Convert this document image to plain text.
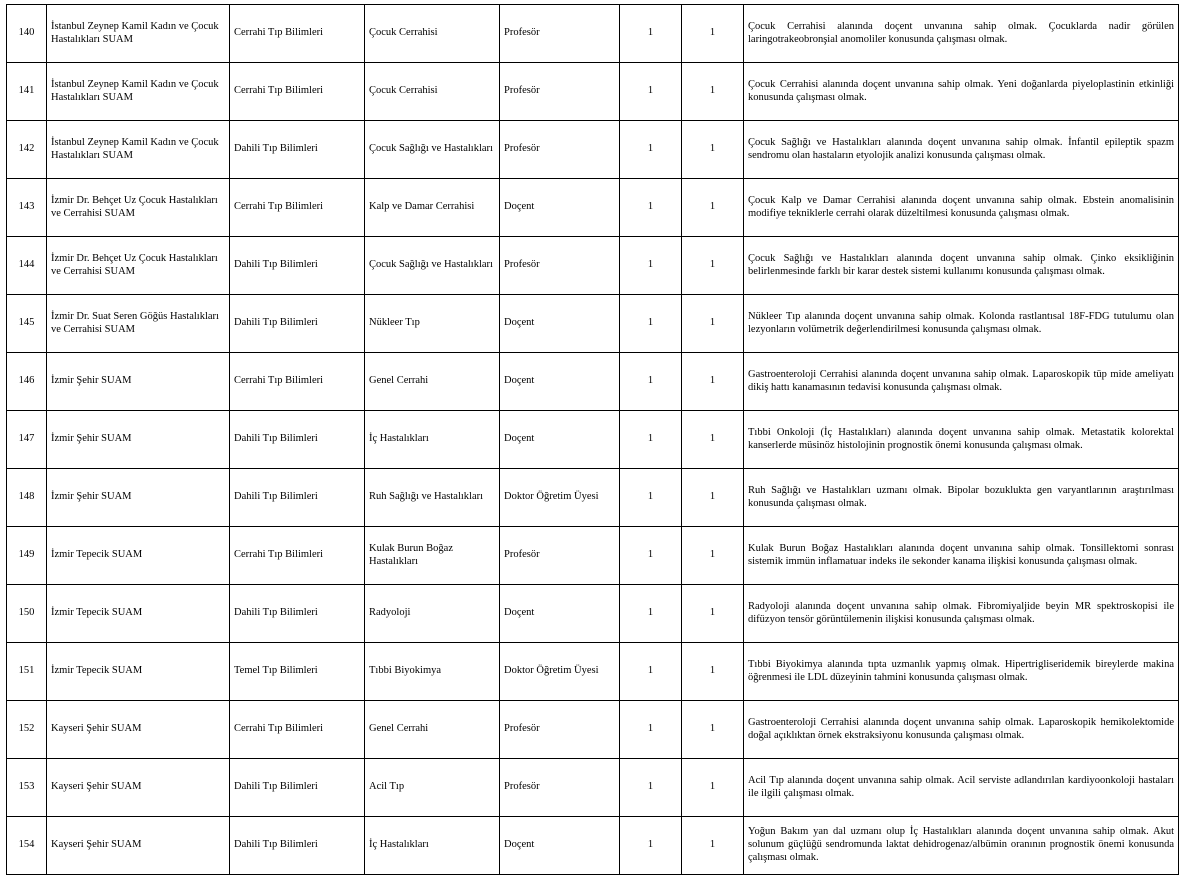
140	İstanbul Zeynep Kamil Kadın ve Çocuk Hastalıkları SUAM	Cerrahi Tıp Bilimleri	Çocuk Cerrahisi	Profesör	1	1	Çocuk Cerrahisi alanında doçent unvanına sahip olmak. Çocuklarda nadir görülen laringotrakeobronşial anomoliler konusunda çalışması olmak.
141	İstanbul Zeynep Kamil Kadın ve Çocuk Hastalıkları SUAM	Cerrahi Tıp Bilimleri	Çocuk Cerrahisi	Profesör	1	1	Çocuk Cerrahisi alanında doçent unvanına sahip olmak. Yeni doğanlarda piyeloplastinin etkinliği konusunda çalışması olmak.
142	İstanbul Zeynep Kamil Kadın ve Çocuk Hastalıkları SUAM	Dahili Tıp Bilimleri	Çocuk Sağlığı ve Hastalıkları	Profesör	1	1	Çocuk Sağlığı ve Hastalıkları alanında doçent unvanına sahip olmak. İnfantil epileptik spazm sendromu olan hastaların etyolojik analizi konusunda çalışması olmak.
143	İzmir Dr. Behçet Uz Çocuk Hastalıkları ve Cerrahisi SUAM	Cerrahi Tıp Bilimleri	Kalp ve Damar Cerrahisi	Doçent	1	1	Çocuk Kalp ve Damar Cerrahisi alanında doçent unvanına sahip olmak. Ebstein anomalisinin modifiye tekniklerle cerrahi olarak düzeltilmesi konusunda çalışması olmak.
144	İzmir Dr. Behçet Uz Çocuk Hastalıkları ve Cerrahisi SUAM	Dahili Tıp Bilimleri	Çocuk Sağlığı ve Hastalıkları	Profesör	1	1	Çocuk Sağlığı ve Hastalıkları alanında doçent unvanına sahip olmak. Çinko eksikliğinin belirlenmesinde farklı bir karar destek sistemi kullanımı konusunda çalışması olmak.
145	İzmir Dr. Suat Seren Göğüs Hastalıkları ve Cerrahisi SUAM	Dahili Tıp Bilimleri	Nükleer Tıp	Doçent	1	1	Nükleer Tıp alanında doçent unvanına sahip olmak. Kolonda rastlantısal 18F-FDG tutulumu olan lezyonların volümetrik değerlendirilmesi konusunda çalışması olmak.
146	İzmir Şehir SUAM	Cerrahi Tıp Bilimleri	Genel Cerrahi	Doçent	1	1	Gastroenteroloji Cerrahisi alanında doçent unvanına sahip olmak. Laparoskopik tüp mide ameliyatı dikiş hattı kanamasının tedavisi konusunda çalışması olmak.
147	İzmir Şehir SUAM	Dahili Tıp Bilimleri	İç Hastalıkları	Doçent	1	1	Tıbbi Onkoloji (İç Hastalıkları) alanında doçent unvanına sahip olmak. Metastatik kolorektal kanserlerde müsinöz histolojinin prognostik önemi konusunda çalışması olmak.
148	İzmir Şehir SUAM	Dahili Tıp Bilimleri	Ruh Sağlığı ve Hastalıkları	Doktor Öğretim Üyesi	1	1	Ruh Sağlığı ve Hastalıkları uzmanı olmak. Bipolar bozuklukta gen varyantlarının araştırılması konusunda çalışması olmak.
149	İzmir Tepecik SUAM	Cerrahi Tıp Bilimleri	Kulak Burun Boğaz Hastalıkları	Profesör	1	1	Kulak Burun Boğaz Hastalıkları alanında doçent unvanına sahip olmak. Tonsillektomi sonrası sistemik immün inflamatuar indeks ile sekonder kanama ilişkisi konusunda çalışması olmak.
150	İzmir Tepecik SUAM	Dahili Tıp Bilimleri	Radyoloji	Doçent	1	1	Radyoloji alanında doçent unvanına sahip olmak. Fibromiyaljide beyin MR spektroskopisi ile difüzyon tensör görüntülemenin ilişkisi konusunda çalışması olmak.
151	İzmir Tepecik SUAM	Temel Tıp Bilimleri	Tıbbi Biyokimya	Doktor Öğretim Üyesi	1	1	Tıbbi Biyokimya alanında tıpta uzmanlık yapmış olmak. Hipertrigliseridemik bireylerde makina öğrenmesi ile LDL düzeyinin tahmini konusunda çalışması olmak.
152	Kayseri Şehir SUAM	Cerrahi Tıp Bilimleri	Genel Cerrahi	Profesör	1	1	Gastroenteroloji Cerrahisi alanında doçent unvanına sahip olmak. Laparoskopik hemikolektomide doğal açıklıktan örnek ekstraksiyonu konusunda çalışması olmak.
153	Kayseri Şehir SUAM	Dahili Tıp Bilimleri	Acil Tıp	Profesör	1	1	Acil Tıp alanında doçent unvanına sahip olmak. Acil serviste adlandırılan kardiyoonkoloji hastaları ile ilgili çalışması olmak.
154	Kayseri Şehir SUAM	Dahili Tıp Bilimleri	İç Hastalıkları	Doçent	1	1	Yoğun Bakım yan dal uzmanı olup İç Hastalıkları alanında doçent unvanına sahip olmak. Akut solunum güçlüğü sendromunda laktat dehidrogenaz/albümin oranının prognostik önemi konusunda çalışması olmak.
